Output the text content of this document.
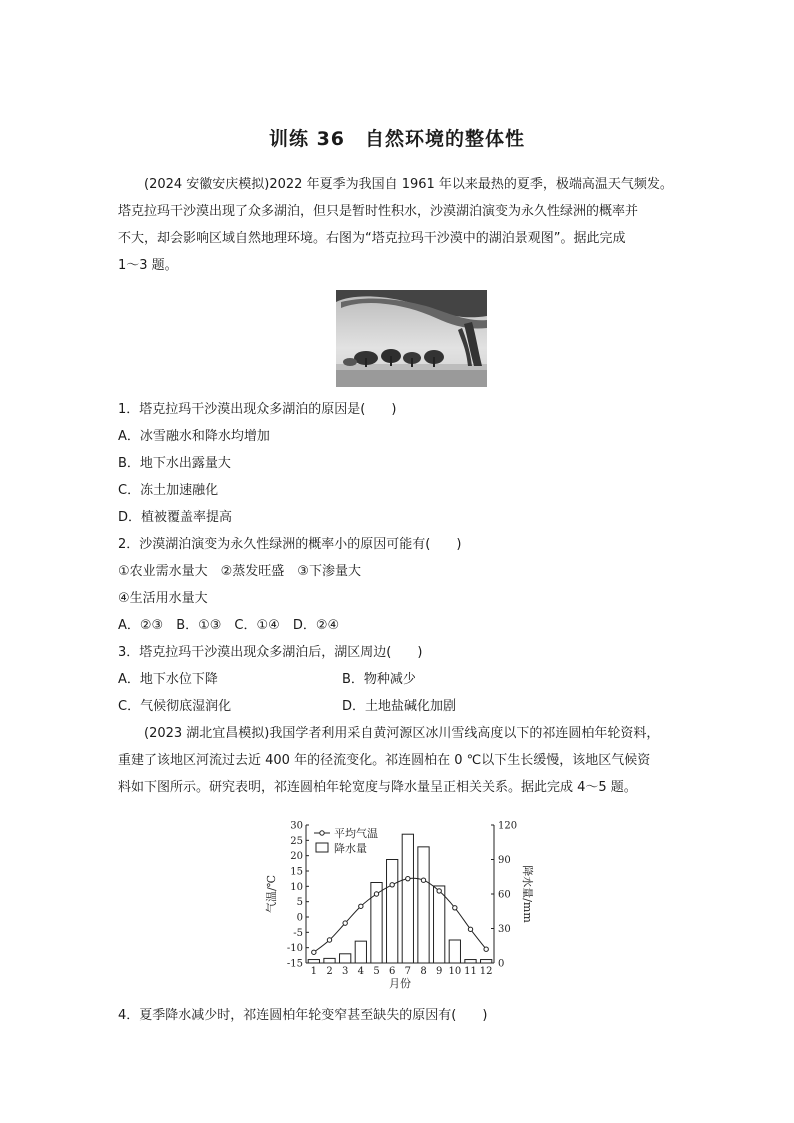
训练 36　自然环境的整体性
(2024 安徽安庆模拟)2022 年夏季为我国自 1961 年以来最热的夏季，极端高温天气频发。
塔克拉玛干沙漠出现了众多湖泊，但只是暂时性积水，沙漠湖泊演变为永久性绿洲的概率并
不大，却会影响区域自然地理环境。右图为“塔克拉玛干沙漠中的湖泊景观图”。据此完成
1～3 题。
1．塔克拉玛干沙漠出现众多湖泊的原因是(　　)
A．冰雪融水和降水均增加
B．地下水出露量大
C．冻土加速融化
D．植被覆盖率提高
2．沙漠湖泊演变为永久性绿洲的概率小的原因可能有(　　)
①农业需水量大　②蒸发旺盛　③下渗量大
④生活用水量大
A．②③　B．①③　C．①④　D．②④
3．塔克拉玛干沙漠出现众多湖泊后，湖区周边(　　)
A．地下水位下降	B．物种减少
C．气候彻底湿润化	D．土地盐碱化加剧
(2023 湖北宜昌模拟)我国学者利用采自黄河源区冰川雪线高度以下的祁连圆柏年轮资料，
重建了该地区河流过去近 400 年的径流变化。祁连圆柏在 0 ℃以下生长缓慢，该地区气候资
料如下图所示。研究表明，祁连圆柏年轮宽度与降水量呈正相关关系。据此完成 4～5 题。
30
25
20
15
10
5
0
-5
-10
-15
120
90
60
30
0
1 2 3 4 5 6 7 8 9 10 11 12
平均气温
降水量
月份
气温/℃	降水量/mm
4．夏季降水减少时，祁连圆柏年轮变窄甚至缺失的原因有(　　)
